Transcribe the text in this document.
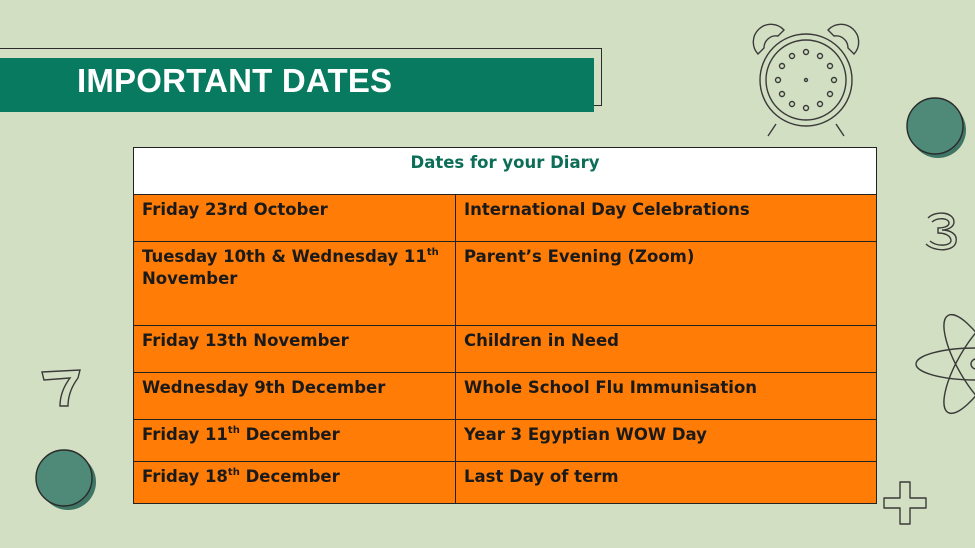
IMPORTANT DATES
Dates for your Diary	
Friday 23rd October	International Day Celebrations
Tuesday 10th & Wednesday 11th
November	Parent’s Evening (Zoom)
Friday 13th November	Children in Need
Wednesday 9th December	Whole School Flu Immunisation
Friday 11th December	Year 3 Egyptian WOW Day
Friday 18th December	Last Day of term
